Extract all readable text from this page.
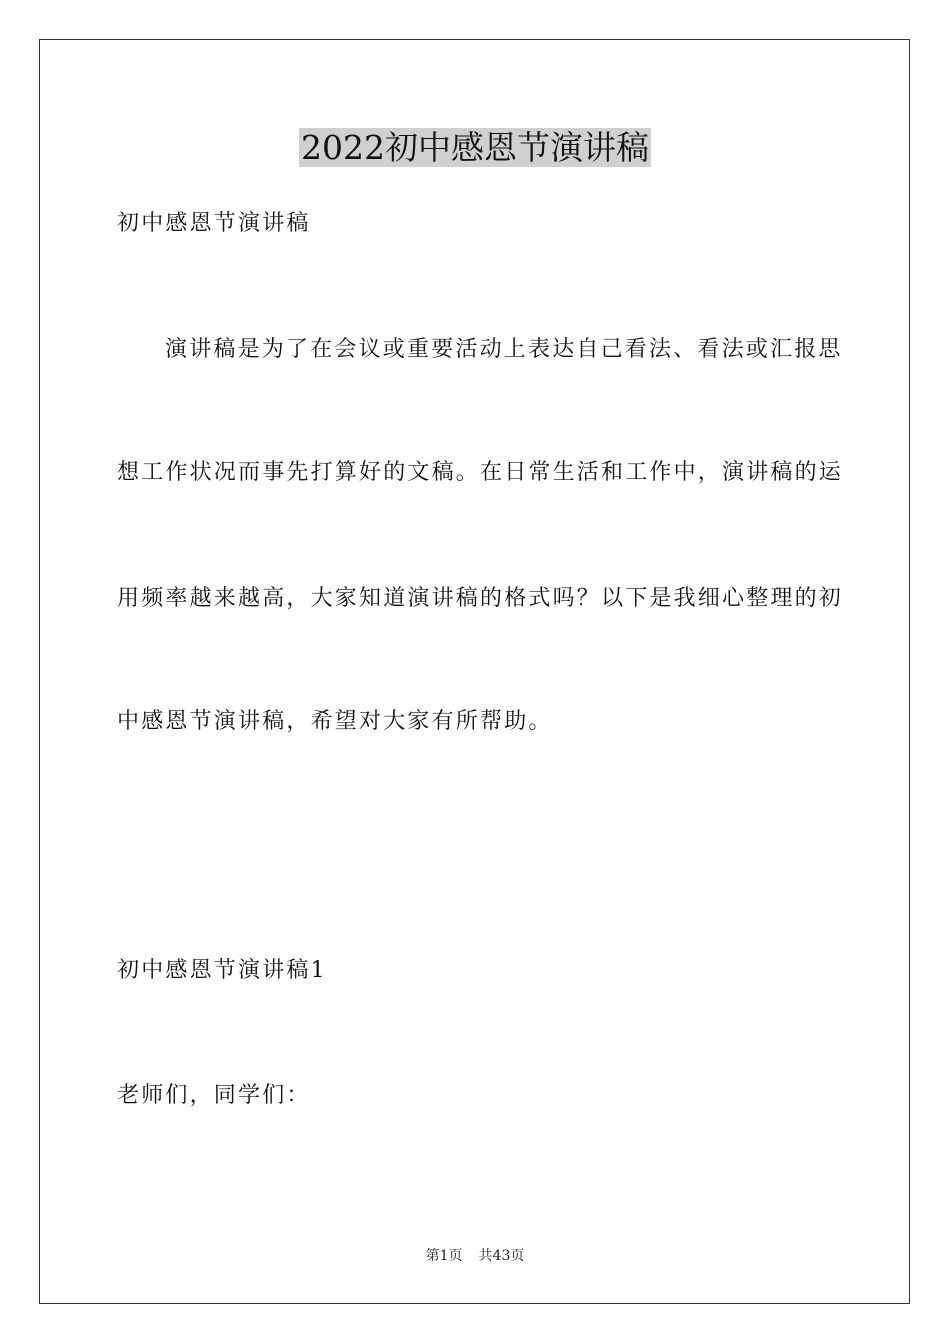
2022初中感恩节演讲稿
初中感恩节演讲稿
演讲稿是为了在会议或重要活动上表达自己看法、看法或汇报思
想工作状况而事先打算好的文稿。在日常生活和工作中，演讲稿的运
用频率越来越高，大家知道演讲稿的格式吗？以下是我细心整理的初
中感恩节演讲稿，希望对大家有所帮助。
初中感恩节演讲稿1
老师们，同学们：
第1页 共43页
